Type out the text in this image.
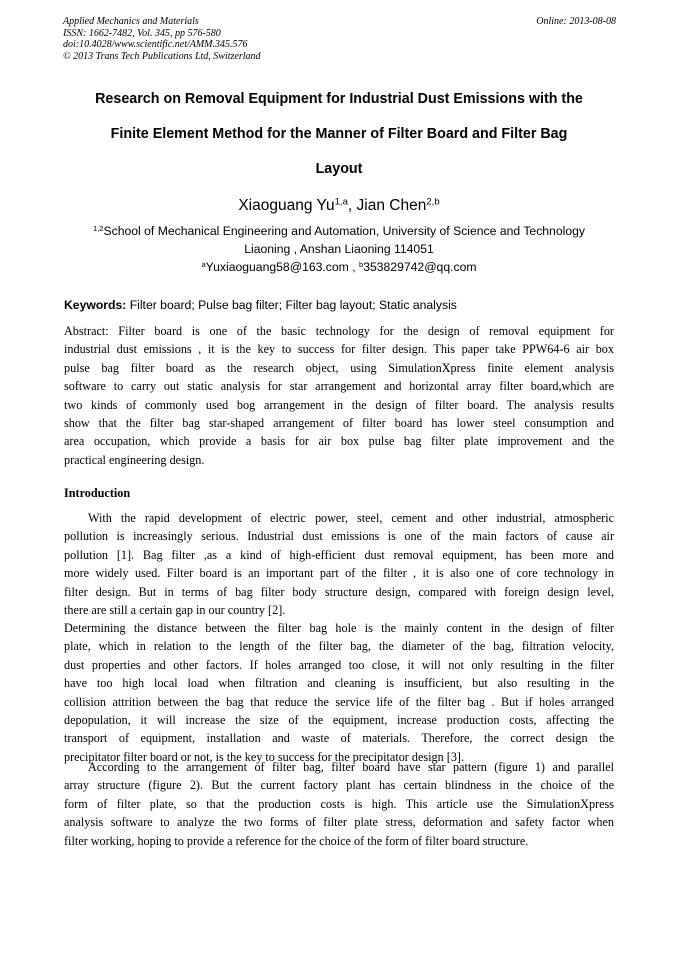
Applied Mechanics and Materials
ISSN: 1662-7482, Vol. 345, pp 576-580
doi:10.4028/www.scientific.net/AMM.345.576
© 2013 Trans Tech Publications Ltd, Switzerland
Online: 2013-08-08
Research on Removal Equipment for Industrial Dust Emissions with the
Finite Element Method for the Manner of Filter Board and Filter Bag
Layout
Xiaoguang Yu$^{1,a}$, Jian Chen$^{2,b}$
$^{1,2}$School of Mechanical Engineering and Automation, University of Science and Technology
Liaoning , Anshan Liaoning 114051
$^a$Yuxiaoguang58@163.com , $^b$353829742@qq.com
Keywords: Filter board; Pulse bag filter; Filter bag layout; Static analysis
Abstract: Filter board is one of the basic technology for the design of removal equipment for
industrial dust emissions , it is the key to success for filter design. This paper take PPW64-6 air box
pulse bag filter board as the research object, using SimulationXpress finite element analysis
software to carry out static analysis for star arrangement and horizontal array filter board,which are
two kinds of commonly used bog arrangement in the design of filter board. The analysis results
show that the filter bag star-shaped arrangement of filter board has lower steel consumption and
area occupation, which provide a basis for air box pulse bag filter plate improvement and the
practical engineering design.
Introduction
With the rapid development of electric power, steel, cement and other industrial, atmospheric
pollution is increasingly serious. Industrial dust emissions is one of the main factors of cause air
pollution [1]. Bag filter ,as a kind of high-efficient dust removal equipment, has been more and
more widely used. Filter board is an important part of the filter , it is also one of core technology in
filter design. But in terms of bag filter body structure design, compared with foreign design level,
there are still a certain gap in our country [2].
Determining the distance between the filter bag hole is the mainly content in the design of filter
plate, which in relation to the length of the filter bag, the diameter of the bag, filtration velocity,
dust properties and other factors. If holes arranged too close, it will not only resulting in the filter
have too high local load when filtration and cleaning is insufficient, but also resulting in the
collision attrition between the bag that reduce the service life of the filter bag . But if holes arranged
depopulation, it will increase the size of the equipment, increase production costs, affecting the
transport of equipment, installation and waste of materials. Therefore, the correct design the
precipitator filter board or not, is the key to success for the precipitator design [3].
According to the arrangement of filter bag, filter board have star pattern (figure 1) and parallel
array structure (figure 2). But the current factory plant has certain blindness in the choice of the
form of filter plate, so that the production costs is high. This article use the SimulationXpress
analysis software to analyze the two forms of filter plate stress, deformation and safety factor when
filter working, hoping to provide a reference for the choice of the form of filter board structure.
